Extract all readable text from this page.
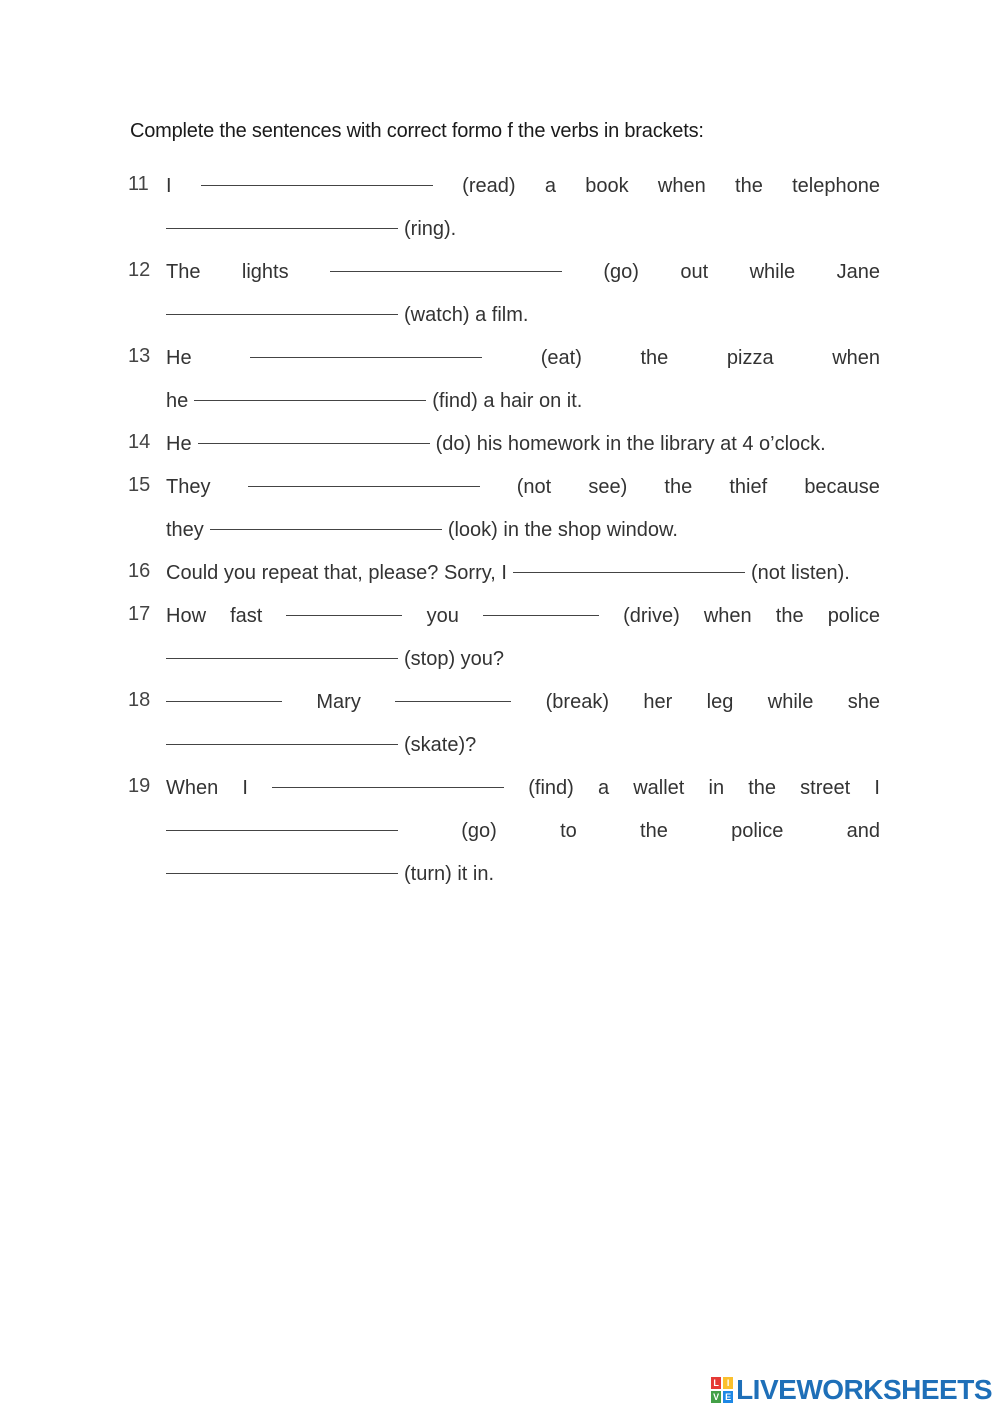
Complete the sentences with correct formo f the verbs in brackets:
11 I	(read) a book when the telephone
(ring).
12 The lights	(go) out while Jane
(watch) a film.
13 He	(eat)	the	pizza	when
he	(find) a hair on it.
14 He	(do) his homework in the library at 4 o’clock.
15 They	(not see) the thief because
they	(look) in the shop window.
16 Could you repeat that, please? Sorry, I	(not listen).
17 How fast	you	(drive) when the police
(stop) you?
18	Mary	(break) her leg while she
(skate)?
19 When I	(find) a wallet in the street I
(go)	to	the	police	and
(turn) it in.
L I
V E LIVEWORKSHEETS
